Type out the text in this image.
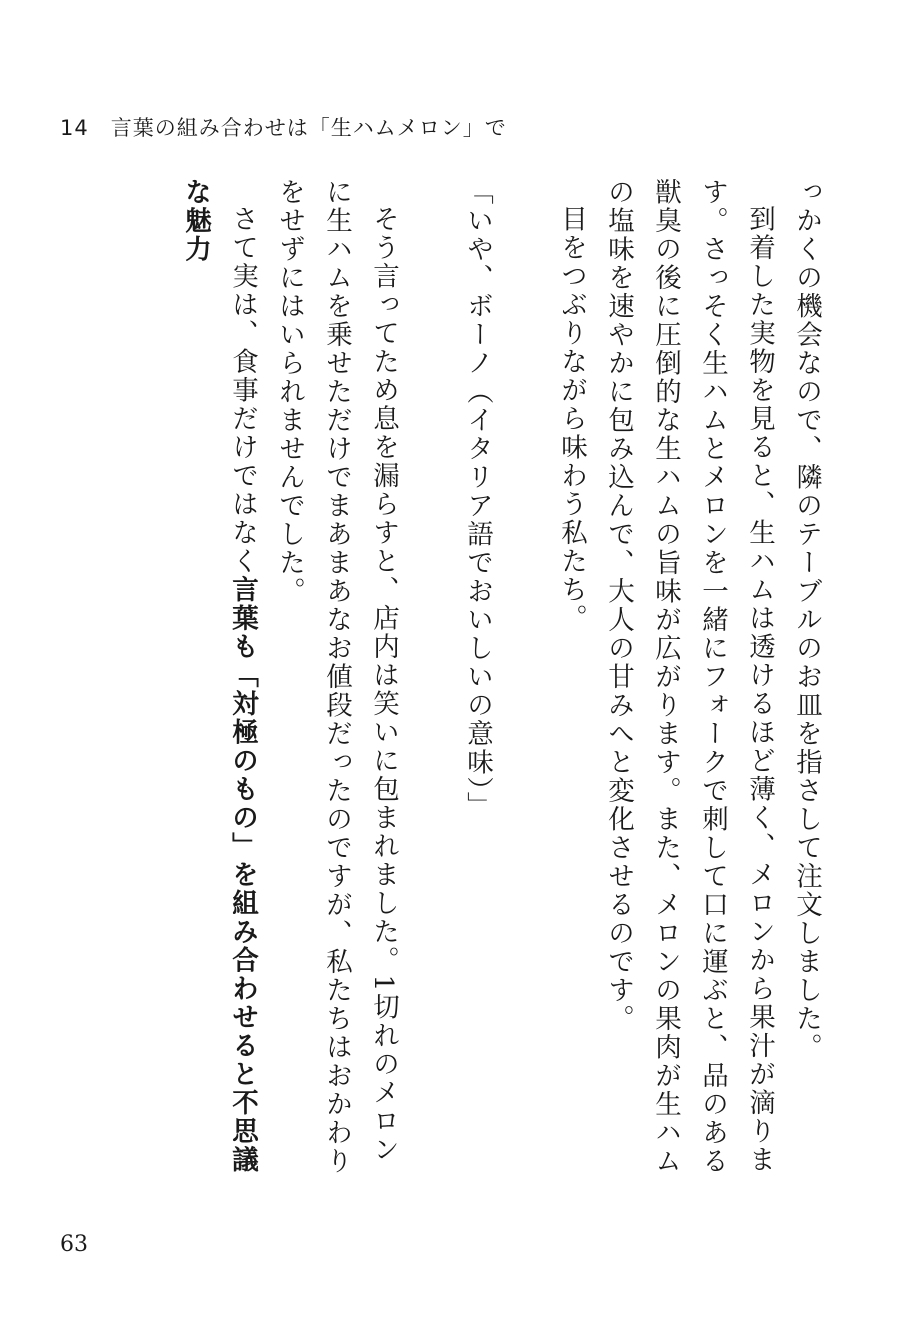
14 言葉の組み合わせは「生ハムメロン」で

っかくの機会なので、隣のテーブルのお皿を指さして注文しました。

到着した実物を見ると、生ハムは透けるほど薄く、メロンから果汁が滴ります。さっそく生ハムとメロンを一緒にフォークで刺して口に運ぶと、品のある獣臭の後に圧倒的な生ハムの旨味が広がります。また、メロンの果肉が生ハムの塩味を速やかに包み込んで、大人の甘みへと変化させるのです。

目をつぶりながら味わう私たち。

「いや、ボーノ（イタリア語でおいしいの意味）」

そう言ってため息を漏らすと、店内は笑いに包まれました。1切れのメロンに生ハムを乗せただけでまあまあなお値段だったのですが、私たちはおかわりをせずにはいられませんでした。

さて実は、食事だけではなく言葉も「対極のもの」を組み合わせると不思議な魅力

63
